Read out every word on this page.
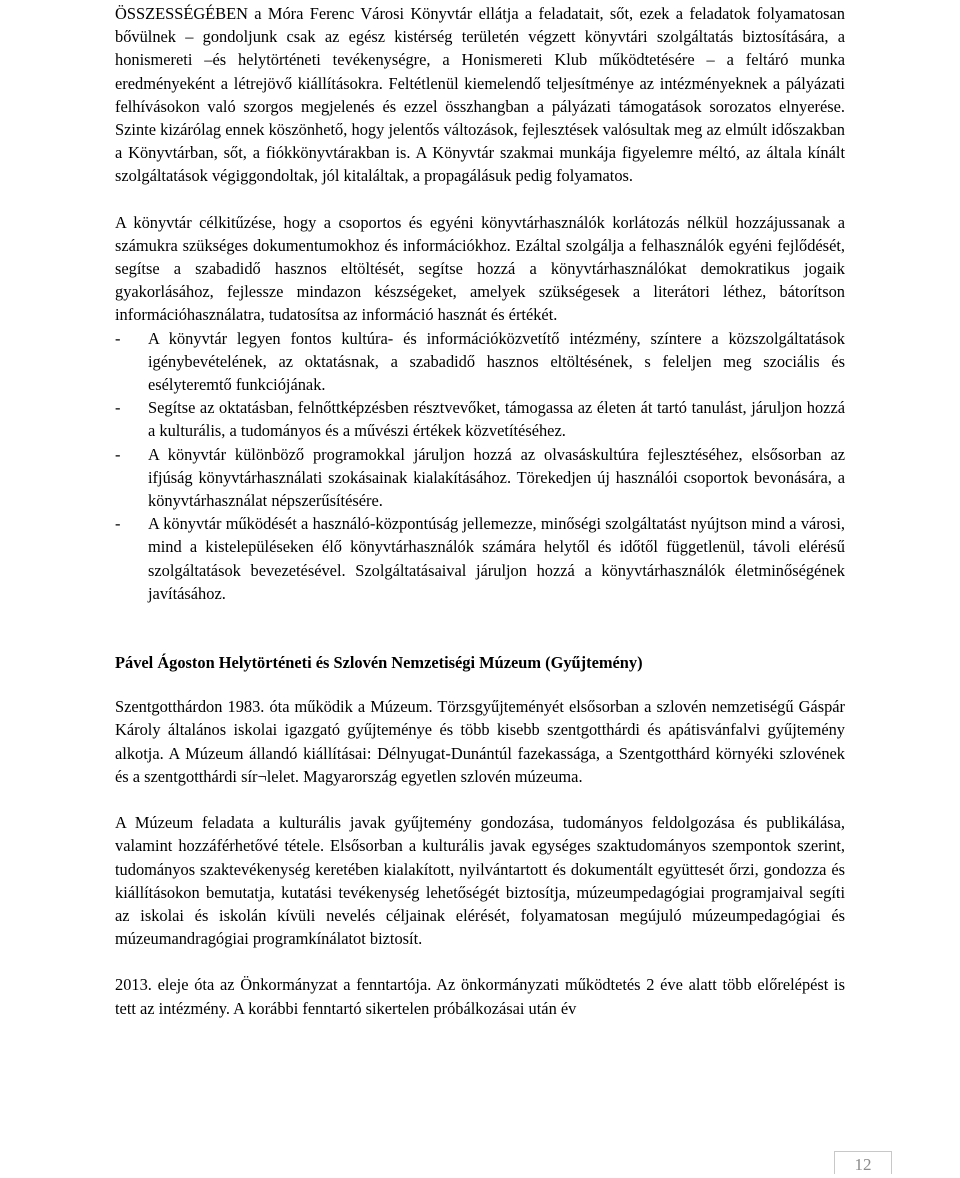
ÖSSZESSÉGÉBEN a Móra Ferenc Városi Könyvtár ellátja a feladatait, sőt, ezek a feladatok folyamatosan bővülnek – gondoljunk csak az egész kistérség területén végzett könyvtári szolgáltatás biztosítására, a honismereti –és helytörténeti tevékenységre, a Honismereti Klub működtetésére – a feltáró munka eredményeként a létrejövő kiállításokra. Feltétlenül kiemelendő teljesítménye az intézményeknek a pályázati felhívásokon való szorgos megjelenés és ezzel összhangban a pályázati támogatások sorozatos elnyerése. Szinte kizárólag ennek köszönhető, hogy jelentős változások, fejlesztések valósultak meg az elmúlt időszakban a Könyvtárban, sőt, a fiókkönyvtárakban is. A Könyvtár szakmai munkája figyelemre méltó, az általa kínált szolgáltatások végiggondoltak, jól kitaláltak, a propagálásuk pedig folyamatos.

A könyvtár célkitűzése, hogy a csoportos és egyéni könyvtárhasználók korlátozás nélkül hozzájussanak a számukra szükséges dokumentumokhoz és információkhoz. Ezáltal szolgálja a felhasználók egyéni fejlődését, segítse a szabadidő hasznos eltöltését, segítse hozzá a könyvtárhasználókat demokratikus jogaik gyakorlásához, fejlessze mindazon készségeket, amelyek szükségesek a literátori léthez, bátorítson információhasználatra, tudatosítsa az információ hasznát és értékét.

- A könyvtár legyen fontos kultúra- és információközvetítő intézmény, színtere a közszolgáltatások igénybevételének, az oktatásnak, a szabadidő hasznos eltöltésének, s feleljen meg szociális és esélyteremtő funkciójának.
- Segítse az oktatásban, felnőttképzésben résztvevőket, támogassa az életen át tartó tanulást, járuljon hozzá a kulturális, a tudományos és a művészi értékek közvetítéséhez.
- A könyvtár különböző programokkal járuljon hozzá az olvasáskultúra fejlesztéséhez, elsősorban az ifjúság könyvtárhasználati szokásainak kialakításához. Törekedjen új használói csoportok bevonására, a könyvtárhasználat népszerűsítésére.
- A könyvtár működését a használó-központúság jellemezze, minőségi szolgáltatást nyújtson mind a városi, mind a kistelepüléseken élő könyvtárhasználók számára helytől és időtől függetlenül, távoli elérésű szolgáltatások bevezetésével. Szolgáltatásaival járuljon hozzá a könyvtárhasználók életminőségének javításához.
Pável Ágoston Helytörténeti és Szlovén Nemzetiségi Múzeum (Gyűjtemény)

Szentgotthárdon 1983. óta működik a Múzeum. Törzsgyűjteményét elsősorban a szlovén nemzetiségű Gáspár Károly általános iskolai igazgató gyűjteménye és több kisebb szentgotthárdi és apátisvánfalvi gyűjtemény alkotja. A Múzeum állandó kiállításai: Délnyugat-Dunántúl fazekassága, a Szentgotthárd környéki szlovének és a szentgotthárdi sír¬lelet. Magyarország egyetlen szlovén múzeuma.

A Múzeum feladata a kulturális javak gyűjtemény gondozása, tudományos feldolgozása és publikálása, valamint hozzáférhetővé tétele. Elsősorban a kulturális javak egységes szaktudományos szempontok szerint, tudományos szaktevékenység keretében kialakított, nyilvántartott és dokumentált együttesét őrzi, gondozza és kiállításokon bemutatja, kutatási tevékenység lehetőségét biztosítja, múzeumpedagógiai programjaival segíti az iskolai és iskolán kívüli nevelés céljainak elérését, folyamatosan megújuló múzeumpedagógiai és múzeumandragógiai programkínálatot biztosít.

2013. eleje óta az Önkormányzat a fenntartója. Az önkormányzati működtetés 2 éve alatt több előrelépést is tett az intézmény. A korábbi fenntartó sikertelen próbálkozásai után év

12
